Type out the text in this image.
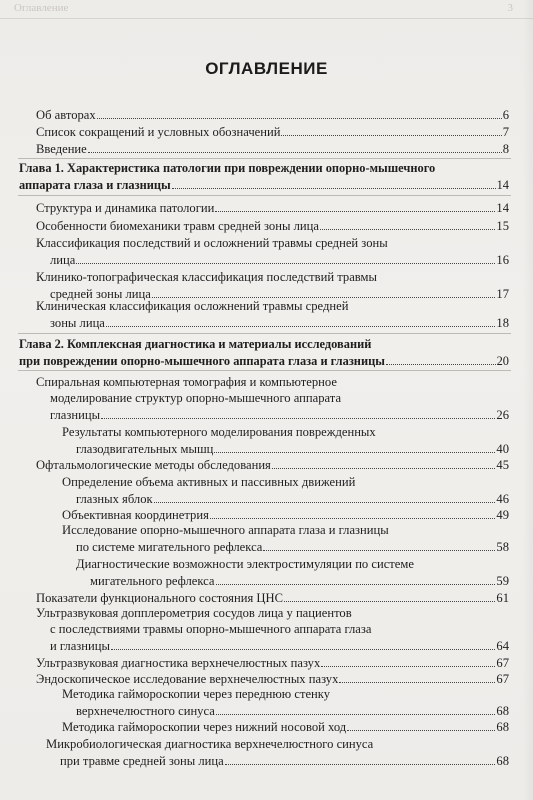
Оглавление	3
ОГЛАВЛЕНИЕ
Об авторах	6
Список сокращений и условных обозначений	7
Введение	8
Глава 1. Характеристика патологии при повреждении опорно-мышечного
аппарата глаза и глазницы	14
Структура и динамика патологии	14
Особенности биомеханики травм средней зоны лица	15
Классификация последствий и осложнений травмы средней зоны
лица	16
Клинико-топографическая классификация последствий травмы
средней зоны лица	17
Клиническая классификация осложнений травмы средней
зоны лица	18
Глава 2. Комплексная диагностика и материалы исследований
при повреждении опорно-мышечного аппарата глаза и глазницы	20
Спиральная компьютерная томография и компьютерное
моделирование структур опорно-мышечного аппарата
глазницы	26
Результаты компьютерного моделирования поврежденных
глазодвигательных мышц	40
Офтальмологические методы обследования	45
Определение объема активных и пассивных движений
глазных яблок	46
Объективная координетрия	49
Исследование опорно-мышечного аппарата глаза и глазницы
по системе мигательного рефлекса	58
Диагностические возможности электростимуляции по системе
мигательного рефлекса	59
Показатели функционального состояния ЦНС	61
Ультразвуковая допплерометрия сосудов лица у пациентов
с последствиями травмы опорно-мышечного аппарата глаза
и глазницы	64
Ультразвуковая диагностика верхнечелюстных пазух	67
Эндоскопическое исследование верхнечелюстных пазух	67
Методика гаймороскопии через переднюю стенку
верхнечелюстного синуса	68
Методика гаймороскопии через нижний носовой ход	68
Микробиологическая диагностика верхнечелюстного синуса
при травме средней зоны лица	68
